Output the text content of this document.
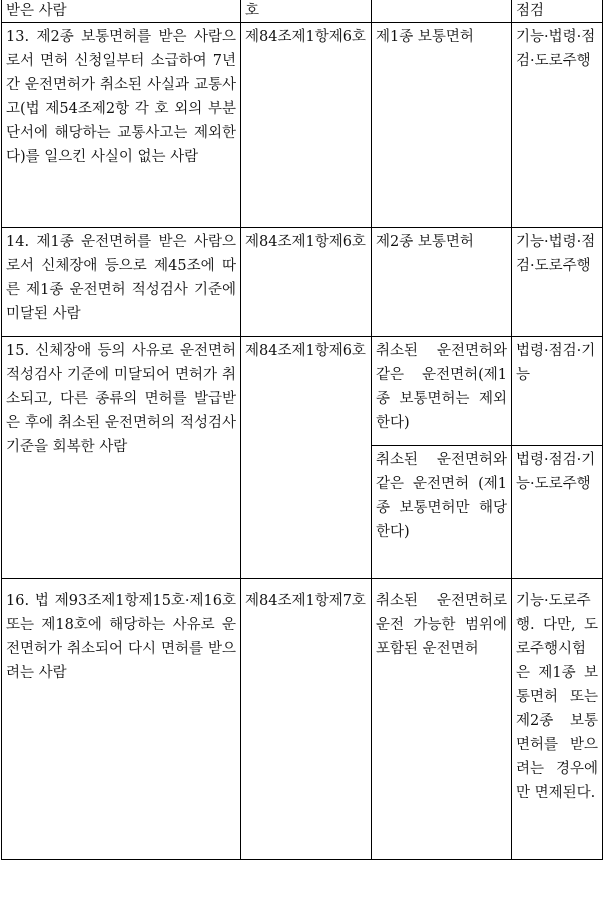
받은 사람	호		점검
13. 제2종 보통면허를 받은 사람으로서 면허 신청일부터 소급하여 7년간 운전면허가 취소된 사실과 교통사고(법 제54조제2항 각 호 외의 부분 단서에 해당하는 교통사고는 제외한다)를 일으킨 사실이 없는 사람	제84조제1항제6호	제1종 보통면허	기능·법령·점검·도로주행
14. 제1종 운전면허를 받은 사람으로서 신체장애 등으로 제45조에 따른 제1종 운전면허 적성검사 기준에 미달된 사람	제84조제1항제6호	제2종 보통면허	기능·법령·점검·도로주행
15. 신체장애 등의 사유로 운전면허 적성검사 기준에 미달되어 면허가 취소되고, 다른 종류의 면허를 발급받은 후에 취소된 운전면허의 적성검사 기준을 회복한 사람	제84조제1항제6호	취소된 운전면허와 같은 운전면허(제1종 보통면허는 제외한다)	법령·점검·기능
		취소된 운전면허와 같은 운전면허 (제1종 보통면허만 해당한다)	법령·점검·기능·도로주행
16. 법 제93조제1항제15호·제16호 또는 제18호에 해당하는 사유로 운전면허가 취소되어 다시 면허를 받으려는 사람	제84조제1항제7호	취소된 운전면허로 운전 가능한 범위에 포함된 운전면허	기능·도로주행. 다만, 도로주행시험은 제1종 보통면허 또는 제2종 보통면허를 받으려는 경우에만 면제된다.
